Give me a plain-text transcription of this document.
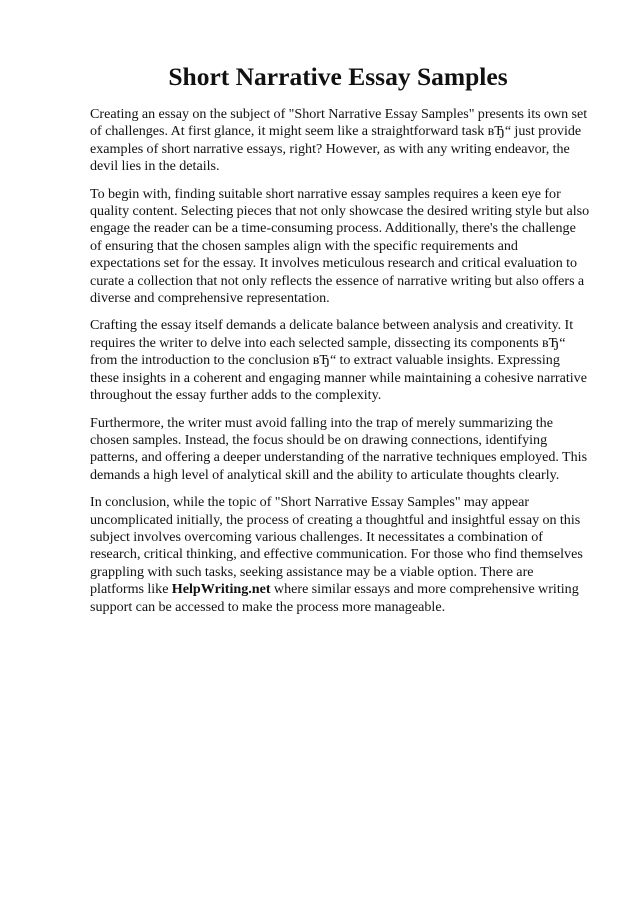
Short Narrative Essay Samples

Creating an essay on the subject of "Short Narrative Essay Samples" presents its own set of challenges. At first glance, it might seem like a straightforward task вЂ“ just provide examples of short narrative essays, right? However, as with any writing endeavor, the devil lies in the details.

To begin with, finding suitable short narrative essay samples requires a keen eye for quality content. Selecting pieces that not only showcase the desired writing style but also engage the reader can be a time-consuming process. Additionally, there's the challenge of ensuring that the chosen samples align with the specific requirements and expectations set for the essay. It involves meticulous research and critical evaluation to curate a collection that not only reflects the essence of narrative writing but also offers a diverse and comprehensive representation.

Crafting the essay itself demands a delicate balance between analysis and creativity. It requires the writer to delve into each selected sample, dissecting its components вЂ“ from the introduction to the conclusion вЂ“ to extract valuable insights. Expressing these insights in a coherent and engaging manner while maintaining a cohesive narrative throughout the essay further adds to the complexity.

Furthermore, the writer must avoid falling into the trap of merely summarizing the chosen samples. Instead, the focus should be on drawing connections, identifying patterns, and offering a deeper understanding of the narrative techniques employed. This demands a high level of analytical skill and the ability to articulate thoughts clearly.

In conclusion, while the topic of "Short Narrative Essay Samples" may appear uncomplicated initially, the process of creating a thoughtful and insightful essay on this subject involves overcoming various challenges. It necessitates a combination of research, critical thinking, and effective communication. For those who find themselves grappling with such tasks, seeking assistance may be a viable option. There are platforms like HelpWriting.net where similar essays and more comprehensive writing support can be accessed to make the process more manageable.
